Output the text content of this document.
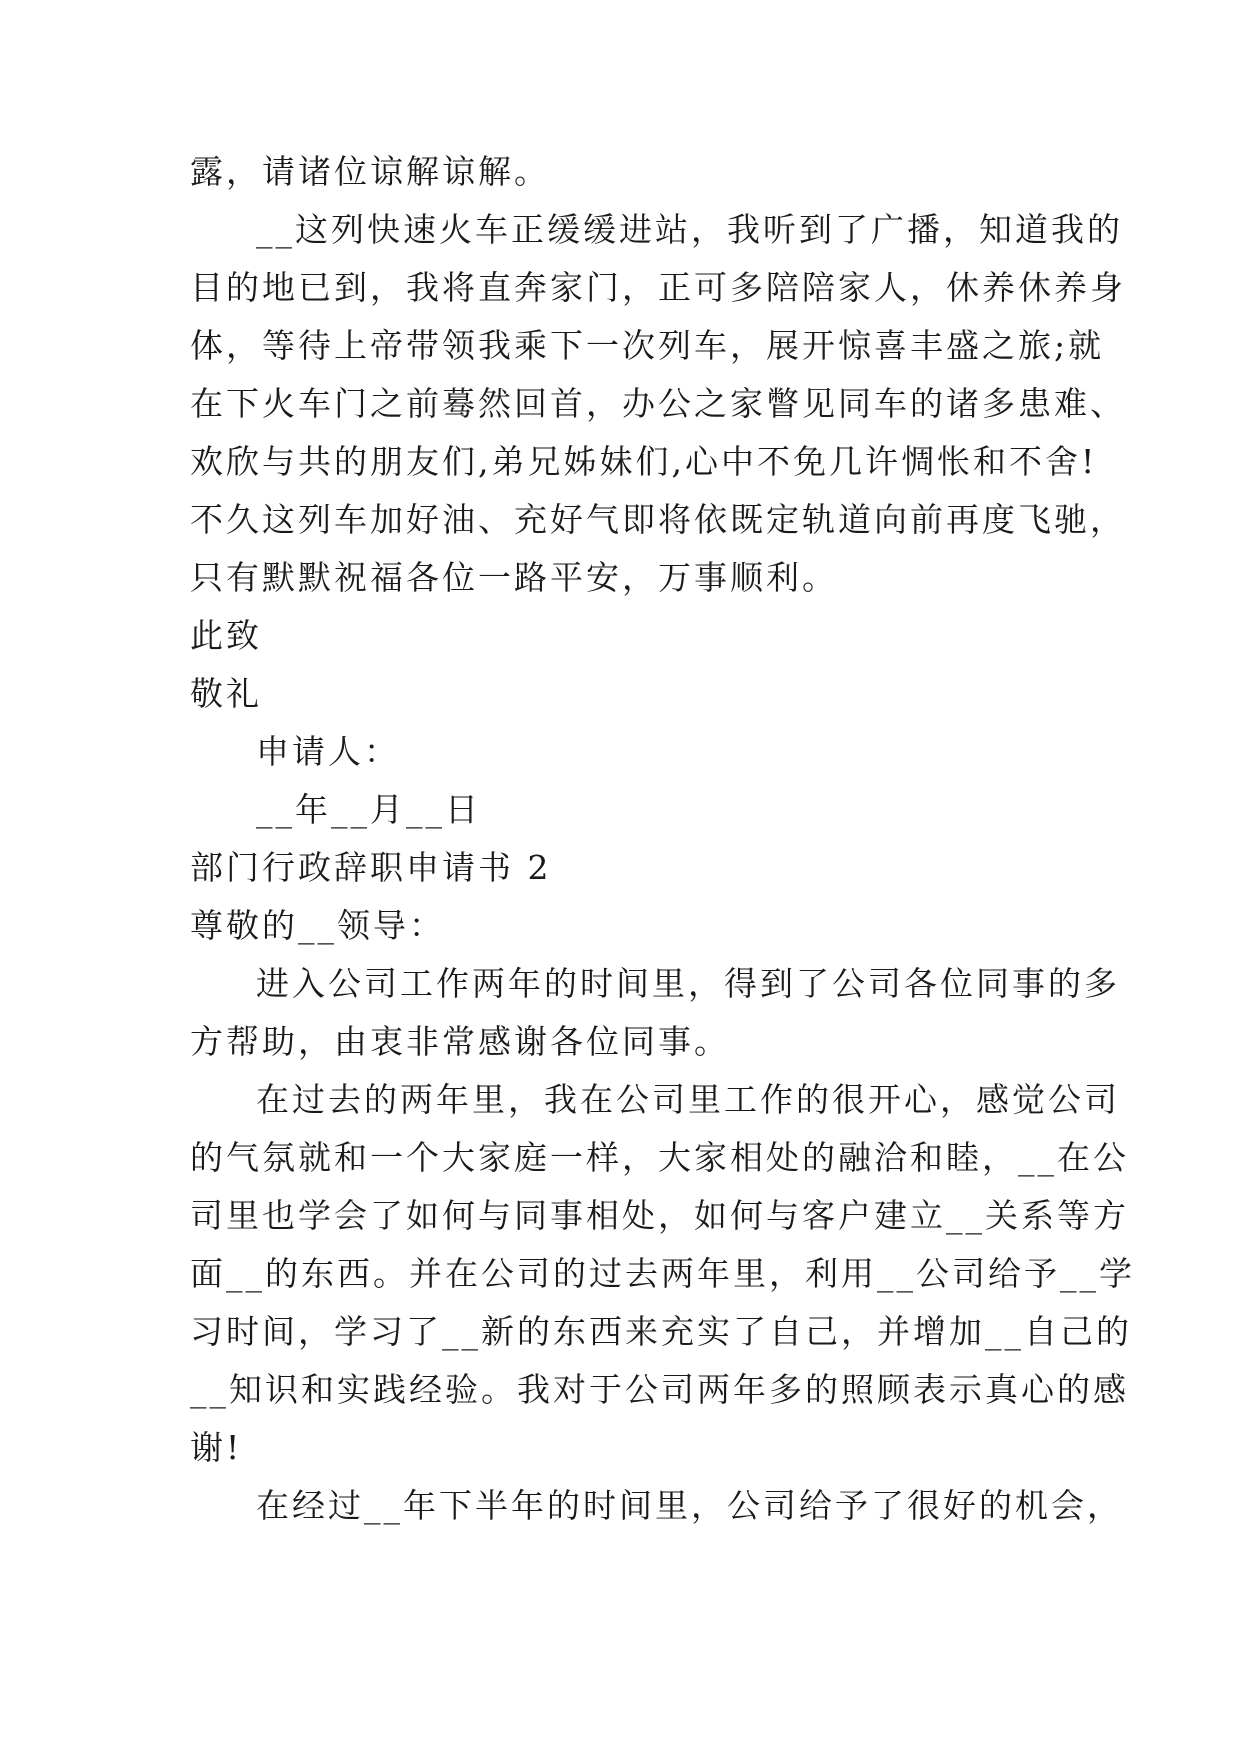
露，请诸位谅解谅解。
__这列快速火车正缓缓进站，我听到了广播，知道我的
目的地已到，我将直奔家门，正可多陪陪家人，休养休养身
体，等待上帝带领我乘下一次列车，展开惊喜丰盛之旅;就
在下火车门之前蓦然回首，办公之家瞥见同车的诸多患难、
欢欣与共的朋友们,弟兄姊妹们,心中不免几许惆怅和不舍!
不久这列车加好油、充好气即将依既定轨道向前再度飞驰，
只有默默祝福各位一路平安，万事顺利。
此致
敬礼
申请人：
__年__月__日
部门行政辞职申请书 2
尊敬的__领导：
进入公司工作两年的时间里，得到了公司各位同事的多
方帮助，由衷非常感谢各位同事。
在过去的两年里，我在公司里工作的很开心，感觉公司
的气氛就和一个大家庭一样，大家相处的融洽和睦，__在公
司里也学会了如何与同事相处，如何与客户建立__关系等方
面__的东西。并在公司的过去两年里，利用__公司给予__学
习时间，学习了__新的东西来充实了自己，并增加__自己的
__知识和实践经验。我对于公司两年多的照顾表示真心的感
谢!
在经过__年下半年的时间里，公司给予了很好的机会，
